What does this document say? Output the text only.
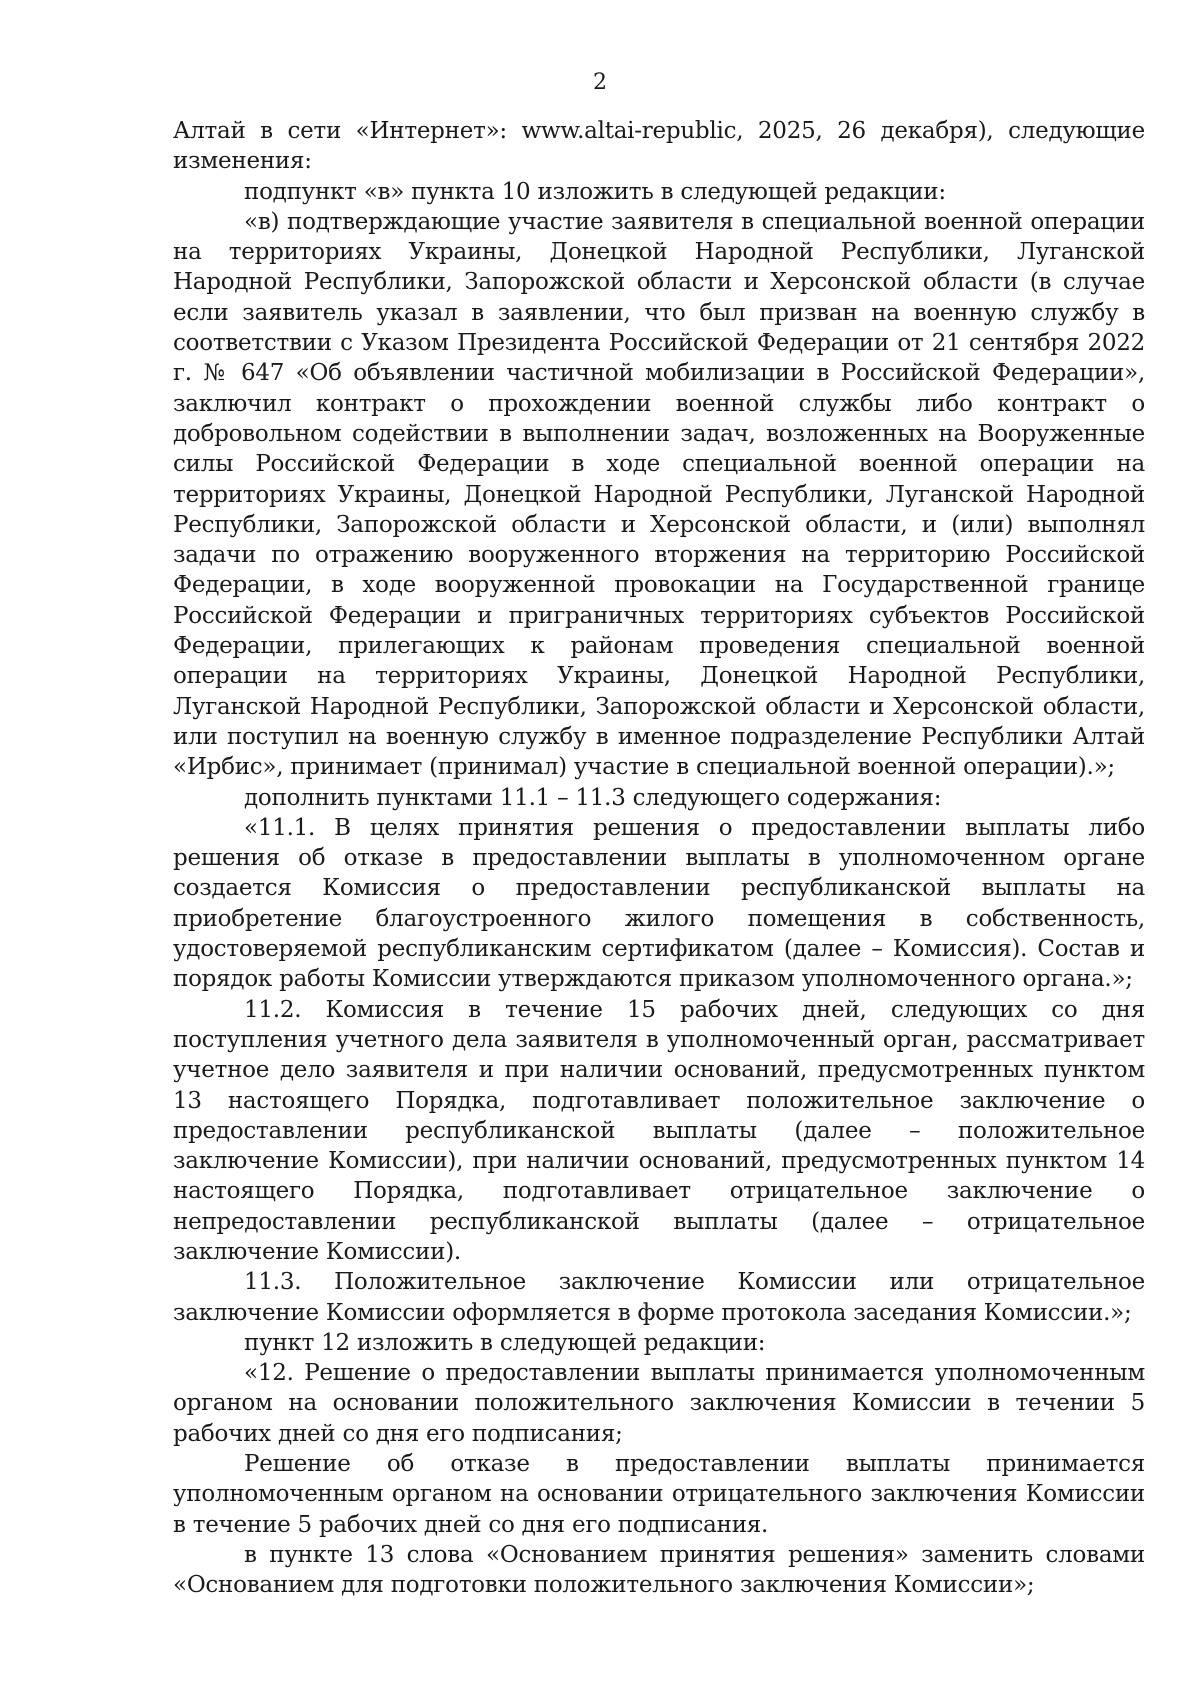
2

Алтай в сети «Интернет»: www.altai-republic, 2025, 26 декабря), следующие изменения:

подпункт «в» пункта 10 изложить в следующей редакции:

«в) подтверждающие участие заявителя в специальной военной операции на территориях Украины, Донецкой Народной Республики, Луганской Народной Республики, Запорожской области и Херсонской области (в случае если заявитель указал в заявлении, что был призван на военную службу в соответствии с Указом Президента Российской Федерации от 21 сентября 2022 г. № 647 «Об объявлении частичной мобилизации в Российской Федерации», заключил контракт о прохождении военной службы либо контракт о добровольном содействии в выполнении задач, возложенных на Вооруженные силы Российской Федерации в ходе специальной военной операции на территориях Украины, Донецкой Народной Республики, Луганской Народной Республики, Запорожской области и Херсонской области, и (или) выполнял задачи по отражению вооруженного вторжения на территорию Российской Федерации, в ходе вооруженной провокации на Государственной границе Российской Федерации и приграничных территориях субъектов Российской Федерации, прилегающих к районам проведения специальной военной операции на территориях Украины, Донецкой Народной Республики, Луганской Народной Республики, Запорожской области и Херсонской области, или поступил на военную службу в именное подразделение Республики Алтай «Ирбис», принимает (принимал) участие в специальной военной операции).»;

дополнить пунктами 11.1 – 11.3 следующего содержания:

«11.1. В целях принятия решения о предоставлении выплаты либо решения об отказе в предоставлении выплаты в уполномоченном органе создается Комиссия о предоставлении республиканской выплаты на приобретение благоустроенного жилого помещения в собственность, удостоверяемой республиканским сертификатом (далее – Комиссия). Состав и порядок работы Комиссии утверждаются приказом уполномоченного органа.»;

11.2. Комиссия в течение 15 рабочих дней, следующих со дня поступления учетного дела заявителя в уполномоченный орган, рассматривает учетное дело заявителя и при наличии оснований, предусмотренных пунктом 13 настоящего Порядка, подготавливает положительное заключение о предоставлении республиканской выплаты (далее – положительное заключение Комиссии), при наличии оснований, предусмотренных пунктом 14 настоящего Порядка, подготавливает отрицательное заключение о непредоставлении республиканской выплаты (далее – отрицательное заключение Комиссии).

11.3. Положительное заключение Комиссии или отрицательное заключение Комиссии оформляется в форме протокола заседания Комиссии.»;

пункт 12 изложить в следующей редакции:

«12. Решение о предоставлении выплаты принимается уполномоченным органом на основании положительного заключения Комиссии в течении 5 рабочих дней со дня его подписания;

Решение об отказе в предоставлении выплаты принимается уполномоченным органом на основании отрицательного заключения Комиссии в течение 5 рабочих дней со дня его подписания.

в пункте 13 слова «Основанием принятия решения» заменить словами «Основанием для подготовки положительного заключения Комиссии»;
